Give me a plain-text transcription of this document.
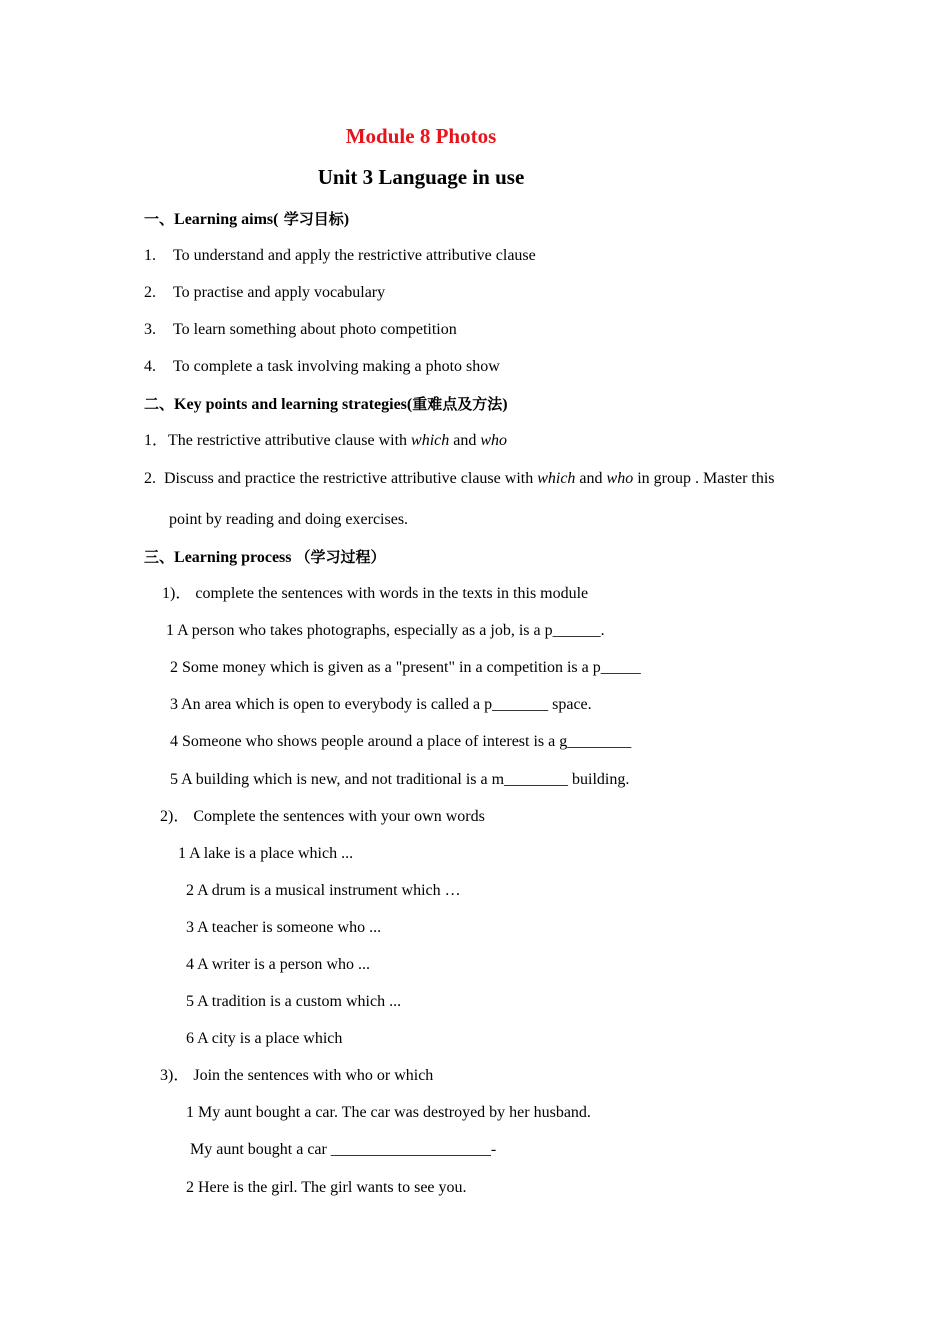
Module 8 Photos
Unit 3 Language in use
一、Learning aims( 学习目标)
1. To understand and apply the restrictive attributive clause
2. To practise and apply vocabulary
3. To learn something about photo competition
4. To complete a task involving making a photo show
二、Key points and learning strategies(重难点及方法)
1．The restrictive attributive clause with which and who
2. Discuss and practice the restrictive attributive clause with which and who in group . Master this
point by reading and doing exercises.
三、Learning process （学习过程）
1)． complete the sentences with words in the texts in this module
1 A person who takes photographs, especially as a job, is a p______.
2 Some money which is given as a "present" in a competition is a p_____
3 An area which is open to everybody is called a p_______ space.
4 Someone who shows people around a place of interest is a g________
5 A building which is new, and not traditional is a m________ building.
2)． Complete the sentences with your own words
1 A lake is a place which ...
2 A drum is a musical instrument which …
3 A teacher is someone who ...
4 A writer is a person who ...
5 A tradition is a custom which ...
6 A city is a place which
3)． Join the sentences with who or which
1 My aunt bought a car. The car was destroyed by her husband.
My aunt bought a car ____________________-
2 Here is the girl. The girl wants to see you.
